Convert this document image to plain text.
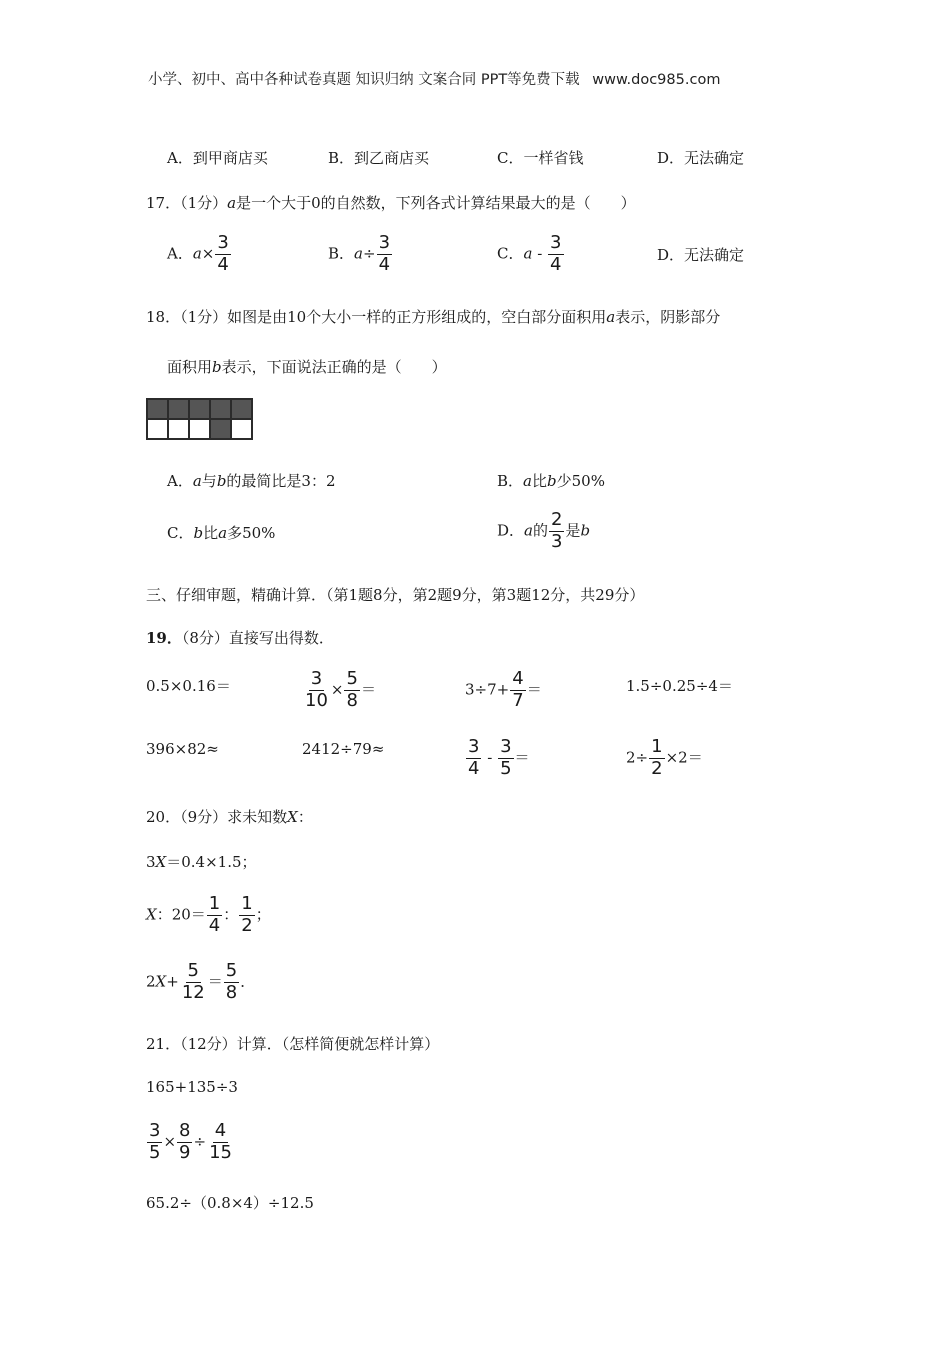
小学、初中、高中各种试卷真题 知识归纳 文案合同 PPT等免费下载 www.doc985.com
A．到甲商店买	B．到乙商店买	C．一样省钱	D．无法确定
17．（1分）a是一个大于0的自然数，下列各式计算结果最大的是（　　）
A．$a\times \frac{3}{4}$	B．$a\div \frac{3}{4}$	C．a - $\frac{3}{4}$	D．无法确定
18．（1分）如图是由10个大小一样的正方形组成的，空白部分面积用a表示，阴影部分
面积用b表示，下面说法正确的是（　　）

A．a与b的最简比是3：2	B．a比b少50%
C．b比a多50%	D．a的 $\frac{2}{3}$ 是b
三、仔细审题，精确计算．（第1题8分，第2题9分，第3题12分，共29分）
19．（8分）直接写出得数．
0.5×0.16＝	$\frac{3}{10} \times \frac{5}{8}$ ＝	$3\div 7+ \frac{4}{7}$ ＝	1.5÷0.25÷4＝
396×82≈	2412÷79≈	$\frac{3}{4} - \frac{3}{5}$ ＝	$2\div \frac{1}{2} \times 2=$
20．（9分）求未知数X：
3X＝0.4×1.5；
X：$20= \frac{1}{4}$ ： $\frac{1}{2}$ ；
$2X+ \frac{5}{12} = \frac{5}{8}$ ．
21．（12分）计算．（怎样简便就怎样计算）
165+135÷3
$\frac{3}{5} \times \frac{8}{9} \div \frac{4}{15}$
65.2÷（0.8×4）÷12.5
